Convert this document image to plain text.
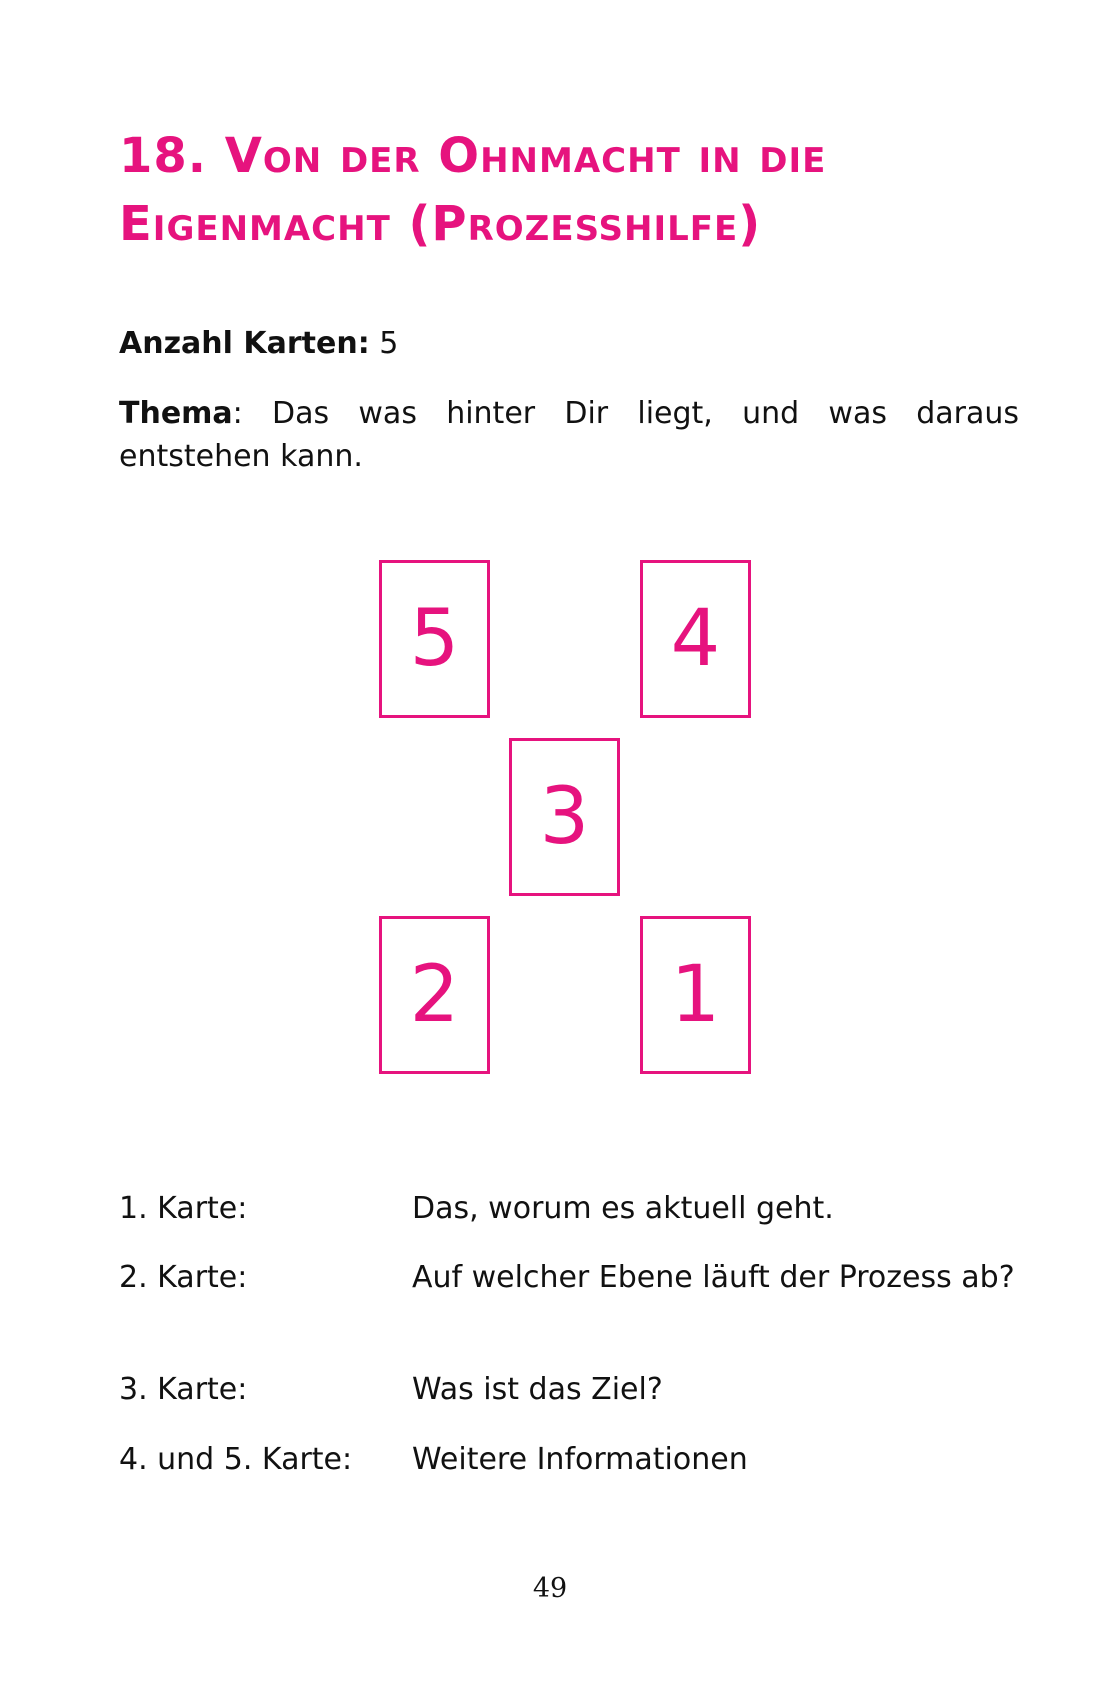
18. Von der Ohnmacht in die Eigenmacht (Prozesshilfe)
Anzahl Karten: 5
Thema: Das was hinter Dir liegt, und was daraus entstehen kann.
5	4
3
2	1
1. Karte:	Das, worum es aktuell geht.
2. Karte:	Auf welcher Ebene läuft der Prozess ab?
3. Karte:	Was ist das Ziel?
4. und 5. Karte:	Weitere Informationen
49
